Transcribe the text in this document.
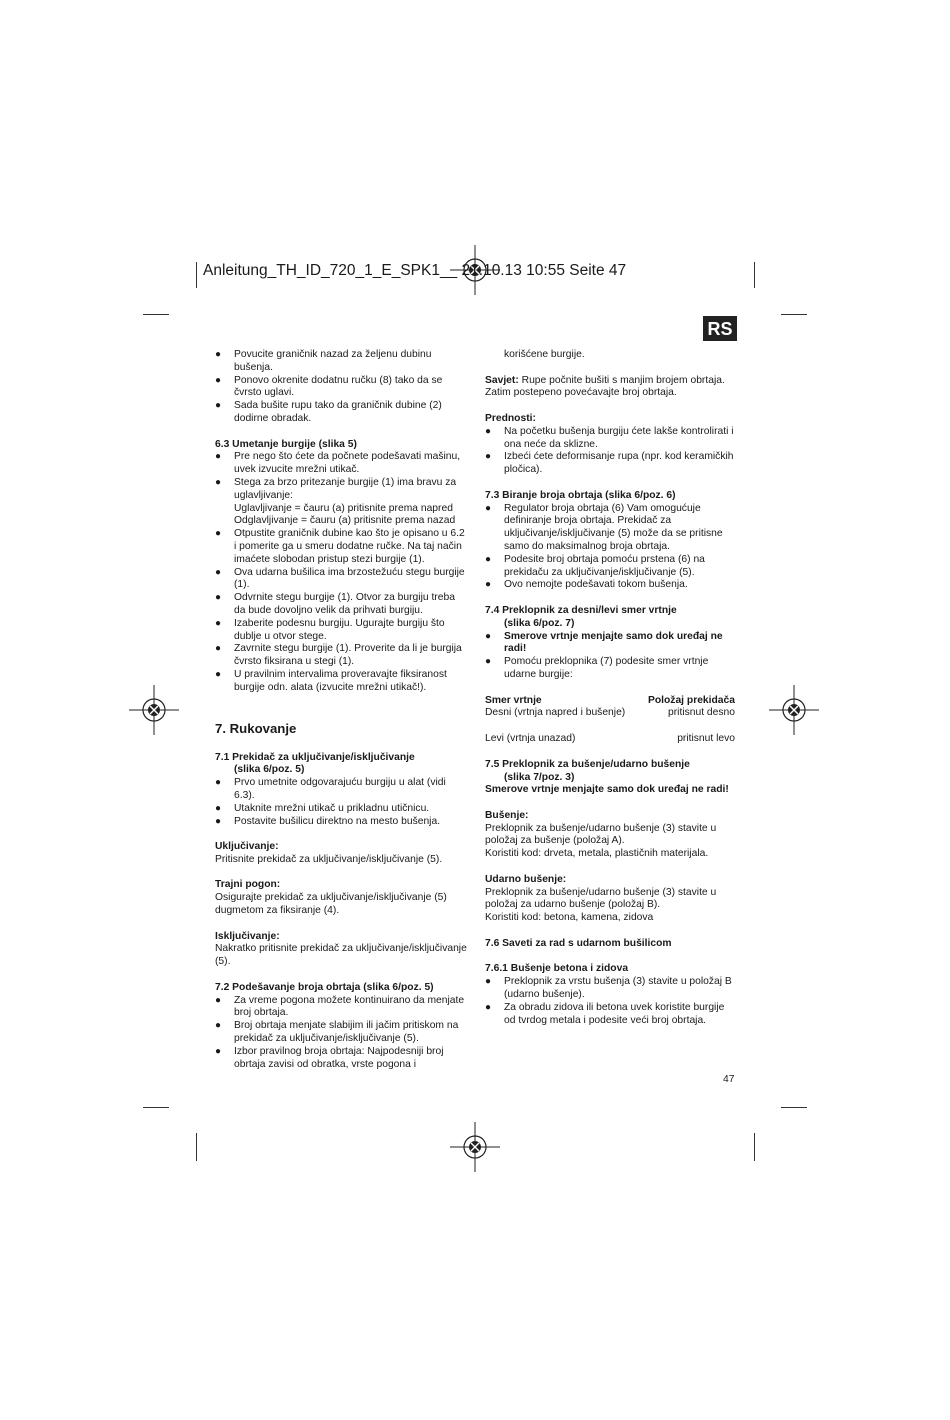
Anleitung_TH_ID_720_1_E_SPK1__ 21.10.13 10:55 Seite 47
RS

● Povucite graničnik nazad za željenu dubinu bušenja.

● Ponovo okrenite dodatnu ručku (8) tako da se čvrsto uglavi.

● Sada bušite rupu tako da graničnik dubine (2) dodirne obradak.

6.3 Umetanje burgije (slika 5)

● Pre nego što ćete da počnete podešavati mašinu, uvek izvucite mrežni utikač.

● Stega za brzo pritezanje burgije (1) ima bravu za uglavljivanje:

Uglavljivanje = čauru (a) pritisnite prema napred

Odglavljivanje = čauru (a) pritisnite prema nazad

● Otpustite graničnik dubine kao što je opisano u 6.2 i pomerite ga u smeru dodatne ručke. Na taj način imaćete slobodan pristup stezi burgije (1).

● Ova udarna bušilica ima brzostežuću stegu burgije (1).

● Odvrnite stegu burgije (1). Otvor za burgiju treba da bude dovoljno velik da prihvati burgiju.

● Izaberite podesnu burgiju. Ugurajte burgiju što dublje u otvor stege.

● Zavrnite stegu burgije (1). Proverite da li je burgija čvrsto fiksirana u stegi (1).

● U pravilnim intervalima proveravajte fiksiranost burgije odn. alata (izvucite mrežni utikač!).

7. Rukovanje

7.1 Prekidač za uključivanje/isključivanje

(slika 6/poz. 5)

● Prvo umetnite odgovarajuću burgiju u alat (vidi 6.3).

● Utaknite mrežni utikač u prikladnu utičnicu.

● Postavite bušilicu direktno na mesto bušenja.

Uključivanje:

Pritisnite prekidač za uključivanje/isključivanje (5).

Trajni pogon:

Osigurajte prekidač za uključivanje/isključivanje (5) dugmetom za fiksiranje (4).

Isključivanje:

Nakratko pritisnite prekidač za uključivanje/isključivanje (5).

7.2 Podešavanje broja obrtaja (slika 6/poz. 5)

● Za vreme pogona možete kontinuirano da menjate broj obrtaja.

● Broj obrtaja menjate slabijim ili jačim pritiskom na prekidač za uključivanje/isključivanje (5).

● Izbor pravilnog broja obrtaja: Najpodesniji broj obrtaja zavisi od obratka, vrste pogona i

korišćene burgije.

Savjet: Rupe počnite bušiti s manjim brojem obrtaja. Zatim postepeno povećavajte broj obrtaja.

Prednosti:

● Na početku bušenja burgiju ćete lakše kontrolirati i ona neće da sklizne.

● Izbeći ćete deformisanje rupa (npr. kod keramičkih pločica).

7.3 Biranje broja obrtaja (slika 6/poz. 6)

● Regulator broja obrtaja (6) Vam omogućuje definiranje broja obrtaja. Prekidač za uključivanje/isključivanje (5) može da se pritisne samo do maksimalnog broja obrtaja.

● Podesite broj obrtaja pomoću prstena (6) na prekidaču za uključivanje/isključivanje (5).

● Ovo nemojte podešavati tokom bušenja.

7.4 Preklopnik za desni/levi smer vrtnje

(slika 6/poz. 7)

● Smerove vrtnje menjajte samo dok uređaj ne radi!

● Pomoću preklopnika (7) podesite smer vrtnje udarne burgije:

Smer vrtnje	Položaj prekidača
Desni (vrtnja napred i bušenje)	pritisnut desno
Levi (vrtnja unazad)	pritisnut levo

7.5 Preklopnik za bušenje/udarno bušenje

(slika 7/poz. 3)

Smerove vrtnje menjajte samo dok uređaj ne radi!

Bušenje:

Preklopnik za bušenje/udarno bušenje (3) stavite u položaj za bušenje (položaj A).

Koristiti kod: drveta, metala, plastičnih materijala.

Udarno bušenje:

Preklopnik za bušenje/udarno bušenje (3) stavite u položaj za udarno bušenje (položaj B).

Koristiti kod: betona, kamena, zidova

7.6 Saveti za rad s udarnom bušilicom

7.6.1 Bušenje betona i zidova

● Preklopnik za vrstu bušenja (3) stavite u položaj B (udarno bušenje).

● Za obradu zidova ili betona uvek koristite burgije od tvrdog metala i podesite veći broj obrtaja.

47
